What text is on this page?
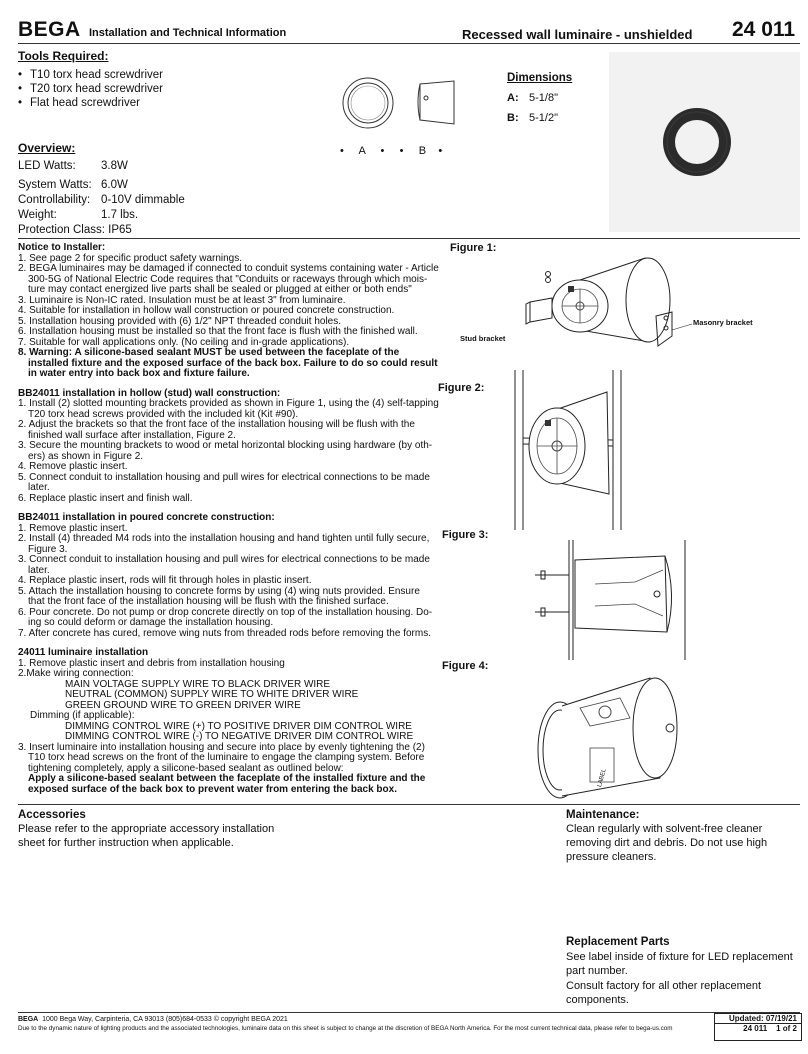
BEGA Installation and Technical Information	Recessed wall luminaire - unshielded 24 011
Tools Required:
• T10 torx head screwdriver
• T20 torx head screwdriver
• Flat head screwdriver
Overview:
LED Watts: 3.8W
System Watts: 6.0W
Controllability: 0-10V dimmable
Weight:	1.7 lbs.
Protection Class: IP65
•     A     •     •     B    •
Dimensions
A: 5-1/8"
B: 5-1/2"

Notice to Installer:

1. See page 2 for specific product safety warnings.

2. BEGA luminaires may be damaged if connected to conduit systems containing water - Article

300-5G of National Electric Code requires that "Conduits or raceways through which mois-

ture may contact energized live parts shall be sealed or plugged at either or both ends"

3. Luminaire is Non-IC rated. Insulation must be at least 3" from luminaire.

4. Suitable for installation in hollow wall construction or poured concrete construction.

5. Installation housing provided with (6) 1/2" NPT threaded conduit holes.

6. Installation housing must be installed so that the front face is flush with the finished wall.

7. Suitable for wall applications only. (No ceiling and in-grade applications).

8. Warning: A silicone-based sealant MUST be used between the faceplate of the

installed fixture and the exposed surface of the back box. Failure to do so could result

in water entry into back box and fixture failure.

BB24011 installation in hollow (stud) wall construction:

1. Install (2) slotted mounting brackets provided as shown in Figure 1, using the (4) self-tapping

T20 torx head screws provided with the included kit (Kit #90).

2. Adjust the brackets so that the front face of the installation housing will be flush with the

finished wall surface after installation, Figure 2.

3. Secure the mounting brackets to wood or metal horizontal blocking using hardware (by oth-

ers) as shown in Figure 2.

4. Remove plastic insert.

5. Connect conduit to installation housing and pull wires for electrical connections to be made

later.

6. Replace plastic insert and finish wall.

BB24011 installation in poured concrete construction:

1. Remove plastic insert.

2. Install (4) threaded M4 rods into the installation housing and hand tighten until fully secure,

Figure 3.

3. Connect conduit to installation housing and pull wires for electrical connections to be made

later.

4. Replace plastic insert, rods will fit through holes in plastic insert.

5. Attach the installation housing to concrete forms by using (4) wing nuts provided. Ensure

that the front face of the installation housing will be flush with the finished surface.

6. Pour concrete. Do not pump or drop concrete directly on top of the installation housing. Do-

ing so could deform or damage the installation housing.

7. After concrete has cured, remove wing nuts from threaded rods before removing the forms.

24011 luminaire installation

1. Remove plastic insert and debris from installation housing

2.Make wiring connection:

MAIN VOLTAGE SUPPLY WIRE TO BLACK DRIVER WIRE

NEUTRAL (COMMON) SUPPLY WIRE TO WHITE DRIVER WIRE

GREEN GROUND WIRE TO GREEN DRIVER WIRE

Dimming (if applicable):

DIMMING CONTROL WIRE (+) TO POSITIVE DRIVER DIM CONTROL WIRE

DIMMING CONTROL WIRE (-) TO NEGATIVE DRIVER DIM CONTROL WIRE

3. Insert luminaire into installation housing and secure into place by evenly tightening the (2)

T10 torx head screws on the front of the luminaire to engage the clamping system. Before

tightening completely, apply a silicone-based sealant as outlined below:

Apply a silicone-based sealant between the faceplate of the installed fixture and the

exposed surface of the back box to prevent water from entering the back box.

Figure 1:
Stud bracket
Masonry bracket
Figure 2:
Figure 3:
Figure 4:
LABEL
Accessories
Please refer to the appropriate accessory installation sheet for further instruction when applicable.
Maintenance:
Clean regularly with solvent-free cleaner removing dirt and debris. Do not use high pressure cleaners.
Replacement Parts
See label inside of fixture for LED replacement part number.
Consult factory for all other replacement components.
BEGA 1000 Bega Way, Carpinteria, CA 93013 (805)684-0533 © copyright BEGA 2021
Due to the dynamic nature of lighting products and the associated technologies, luminaire data on this sheet is subject to change at the discretion of BEGA North America. For the most current technical data, please refer to bega-us.com
Updated: 07/19/21
24 011 1 of 2
